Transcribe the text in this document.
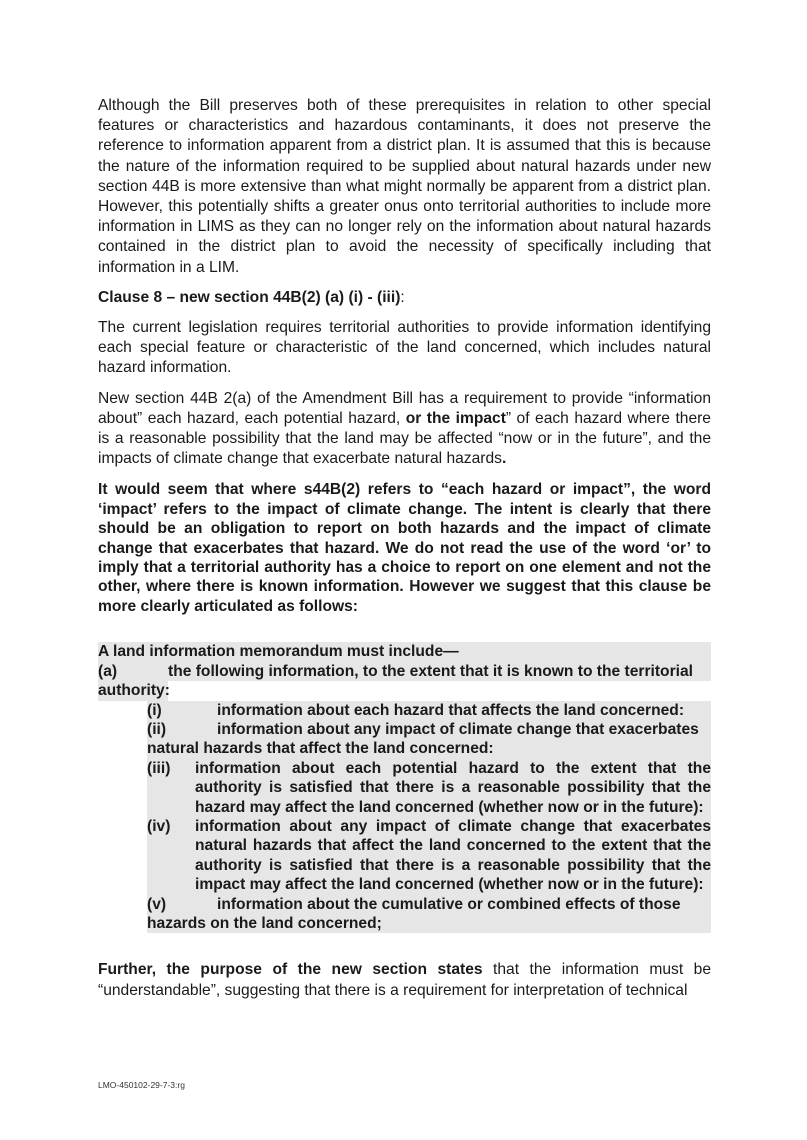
Although the Bill preserves both of these prerequisites in relation to other special features or characteristics and hazardous contaminants, it does not preserve the reference to information apparent from a district plan. It is assumed that this is because the nature of the information required to be supplied about natural hazards under new section 44B is more extensive than what might normally be apparent from a district plan. However, this potentially shifts a greater onus onto territorial authorities to include more information in LIMS as they can no longer rely on the information about natural hazards contained in the district plan to avoid the necessity of specifically including that information in a LIM.

Clause 8 – new section 44B(2) (a) (i) - (iii):

The current legislation requires territorial authorities to provide information identifying each special feature or characteristic of the land concerned, which includes natural hazard information.

New section 44B 2(a) of the Amendment Bill has a requirement to provide “information about” each hazard, each potential hazard, or the impact” of each hazard where there is a reasonable possibility that the land may be affected “now or in the future”, and the impacts of climate change that exacerbate natural hazards.

It would seem that where s44B(2) refers to “each hazard or impact”, the word ‘impact’ refers to the impact of climate change. The intent is clearly that there should be an obligation to report on both hazards and the impact of climate change that exacerbates that hazard. We do not read the use of the word ‘or’ to imply that a territorial authority has a choice to report on one element and not the other, where there is known information. However we suggest that this clause be more clearly articulated as follows:

A land information memorandum must include—
(a)	the following information, to the extent that it is known to the territorial
authority:
(i)	information about each hazard that affects the land concerned:
(ii)	information about any impact of climate change that exacerbates
natural hazards that affect the land concerned:
(iii)	information about each potential hazard to the extent that the authority is satisfied that there is a reasonable possibility that the hazard may affect the land concerned (whether now or in the future):
(iv)	information about any impact of climate change that exacerbates natural hazards that affect the land concerned to the extent that the authority is satisfied that there is a reasonable possibility that the impact may affect the land concerned (whether now or in the future):
(v)	information about the cumulative or combined effects of those
hazards on the land concerned;

Further, the purpose of the new section states that the information must be “understandable”, suggesting that there is a requirement for interpretation of technical

LMO-450102-29-7-3:rg
